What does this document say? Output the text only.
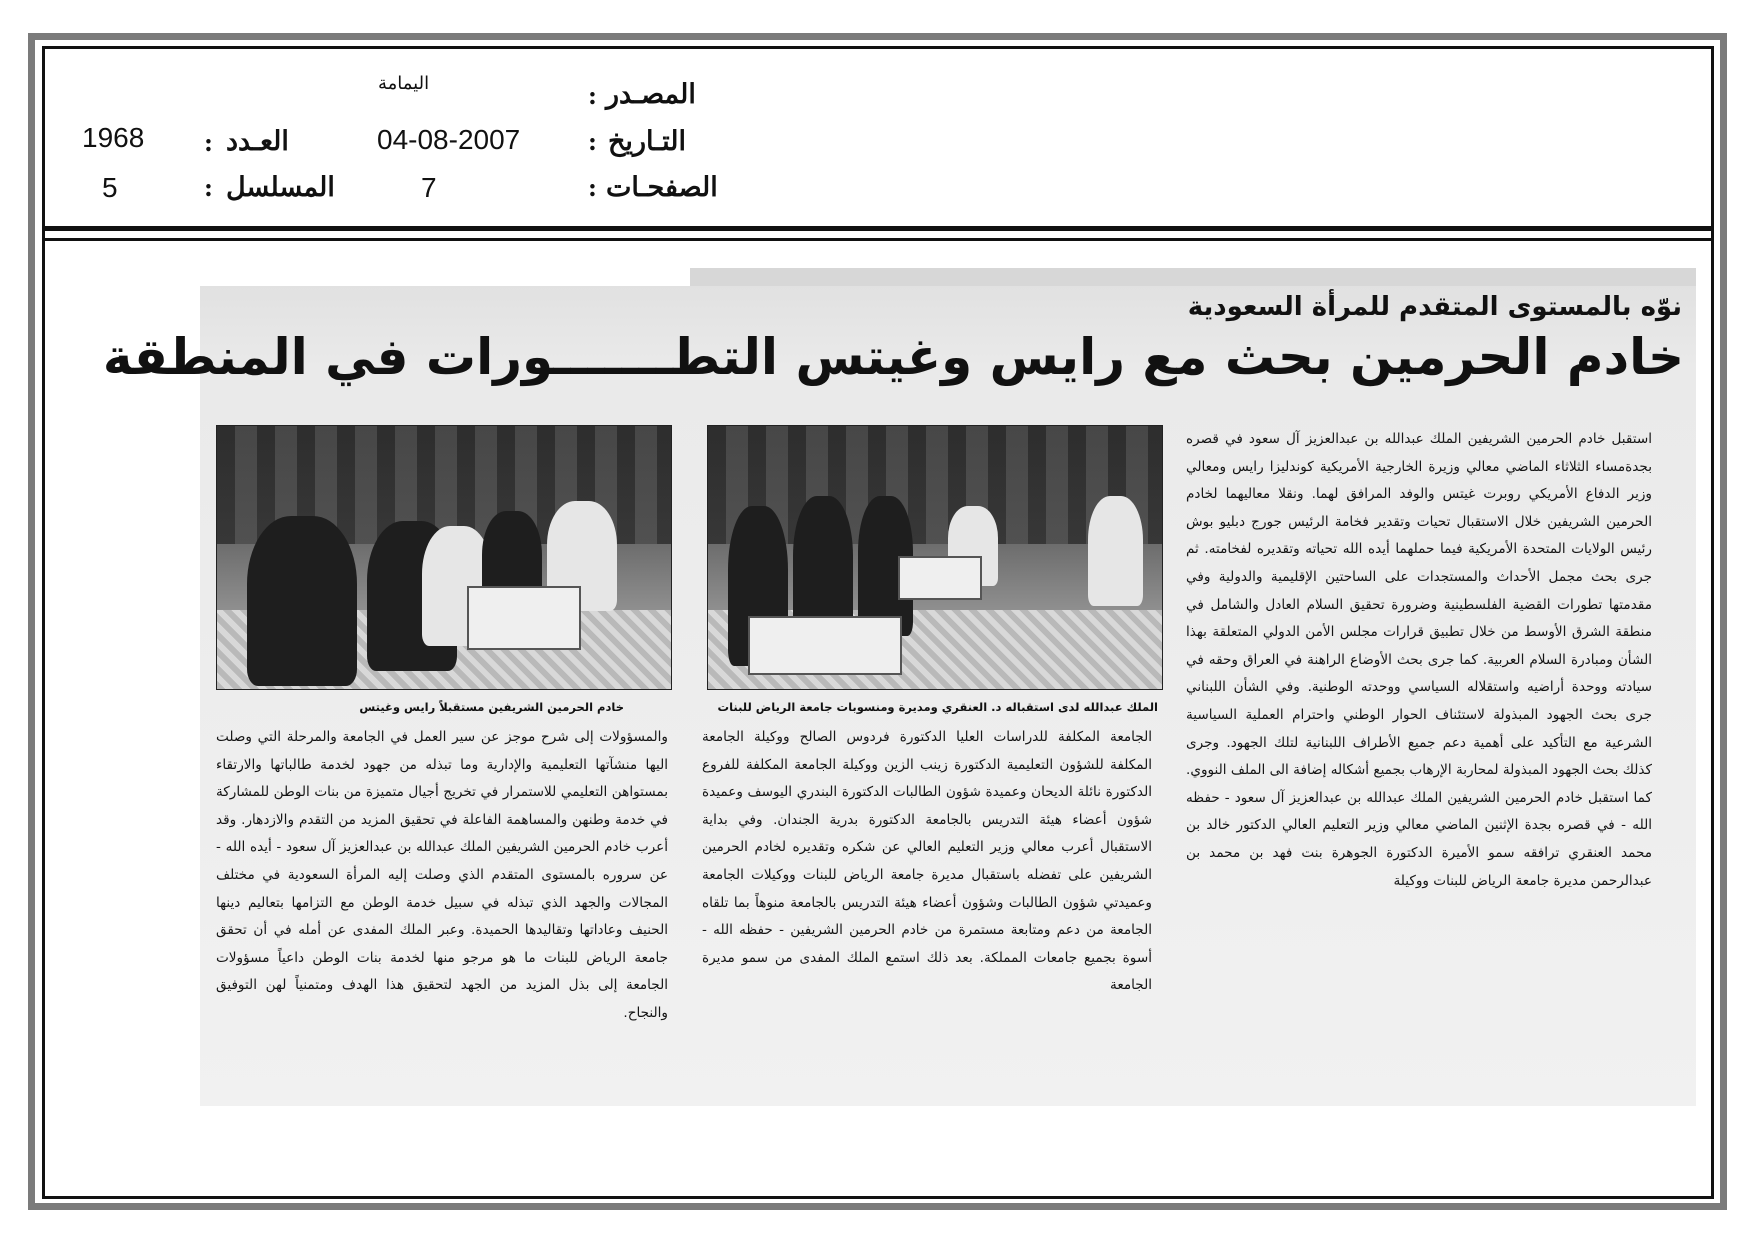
المصـدر
:
اليمامة
التـاريخ
:
04-08-2007
الصفحـات
:
7
العـدد
:
1968
المسلسل
:
5
نوّه بالمستوى المتقدم للمرأة السعودية
خادم الحرمين بحث مع رايس وغيتس التطـــــــورات في المنطقة
خادم الحرمين الشريفين مستقبلاً رايس وغيتس	الملك عبدالله لدى استقباله د. العنقري ومديرة ومنسوبات جامعة الرياض للبنات

استقبل خادم الحرمين الشريفين الملك عبدالله بن عبدالعزيز آل سعود في قصره بجدةمساء الثلاثاء الماضي معالي وزيرة الخارجية الأمريكية كوندليزا رايس ومعالي وزير الدفاع الأمريكي روبرت غيتس والوفد المرافق لهما. ونقلا معاليهما لخادم الحرمين الشريفين خلال الاستقبال تحيات وتقدير فخامة الرئيس جورج دبليو بوش رئيس الولايات المتحدة الأمريكية فيما حملهما أيده الله تحياته وتقديره لفخامته. ثم جرى بحث مجمل الأحداث والمستجدات على الساحتين الإقليمية والدولية وفي مقدمتها تطورات القضية الفلسطينية وضرورة تحقيق السلام العادل والشامل في منطقة الشرق الأوسط من خلال تطبيق قرارات مجلس الأمن الدولي المتعلقة بهذا الشأن ومبادرة السلام العربية. كما جرى بحث الأوضاع الراهنة في العراق وحقه في سيادته ووحدة أراضيه واستقلاله السياسي ووحدته الوطنية. وفي الشأن اللبناني جرى بحث الجهود المبذولة لاستئناف الحوار الوطني واحترام العملية السياسية الشرعية مع التأكيد على أهمية دعم جميع الأطراف اللبنانية لتلك الجهود. وجرى كذلك بحث الجهود المبذولة لمحاربة الإرهاب بجميع أشكاله إضافة الى الملف النووي. كما استقبل خادم الحرمين الشريفين الملك عبدالله بن عبدالعزيز آل سعود - حفظه الله - في قصره بجدة الإثنين الماضي معالي وزير التعليم العالي الدكتور خالد بن محمد العنقري ترافقه سمو الأميرة الدكتورة الجوهرة بنت فهد بن محمد بن عبدالرحمن مديرة جامعة الرياض للبنات ووكيلة

الجامعة المكلفة للدراسات العليا الدكتورة فردوس الصالح ووكيلة الجامعة المكلفة للشؤون التعليمية الدكتورة زينب الزين ووكيلة الجامعة المكلفة للفروع الدكتورة نائلة الديحان وعميدة شؤون الطالبات الدكتورة البندري اليوسف وعميدة شؤون أعضاء هيئة التدريس بالجامعة الدكتورة بدرية الجندان. وفي بداية الاستقبال أعرب معالي وزير التعليم العالي عن شكره وتقديره لخادم الحرمين الشريفين على تفضله باستقبال مديرة جامعة الرياض للبنات ووكيلات الجامعة وعميدتي شؤون الطالبات وشؤون أعضاء هيئة التدريس بالجامعة منوهاً بما تلقاه الجامعة من دعم ومتابعة مستمرة من خادم الحرمين الشريفين - حفظه الله - أسوة بجميع جامعات المملكة. بعد ذلك استمع الملك المفدى من سمو مديرة الجامعة

والمسؤولات إلى شرح موجز عن سير العمل في الجامعة والمرحلة التي وصلت اليها منشآتها التعليمية والإدارية وما تبذله من جهود لخدمة طالباتها والارتقاء بمستواهن التعليمي للاستمرار في تخريج أجيال متميزة من بنات الوطن للمشاركة في خدمة وطنهن والمساهمة الفاعلة في تحقيق المزيد من التقدم والازدهار. وقد أعرب خادم الحرمين الشريفين الملك عبدالله بن عبدالعزيز آل سعود - أيده الله - عن سروره بالمستوى المتقدم الذي وصلت إليه المرأة السعودية في مختلف المجالات والجهد الذي تبذله في سبيل خدمة الوطن مع التزامها بتعاليم دينها الحنيف وعاداتها وتقاليدها الحميدة. وعبر الملك المفدى عن أمله في أن تحقق جامعة الرياض للبنات ما هو مرجو منها لخدمة بنات الوطن داعياً مسؤولات الجامعة إلى بذل المزيد من الجهد لتحقيق هذا الهدف ومتمنياً لهن التوفيق والنجاح.
